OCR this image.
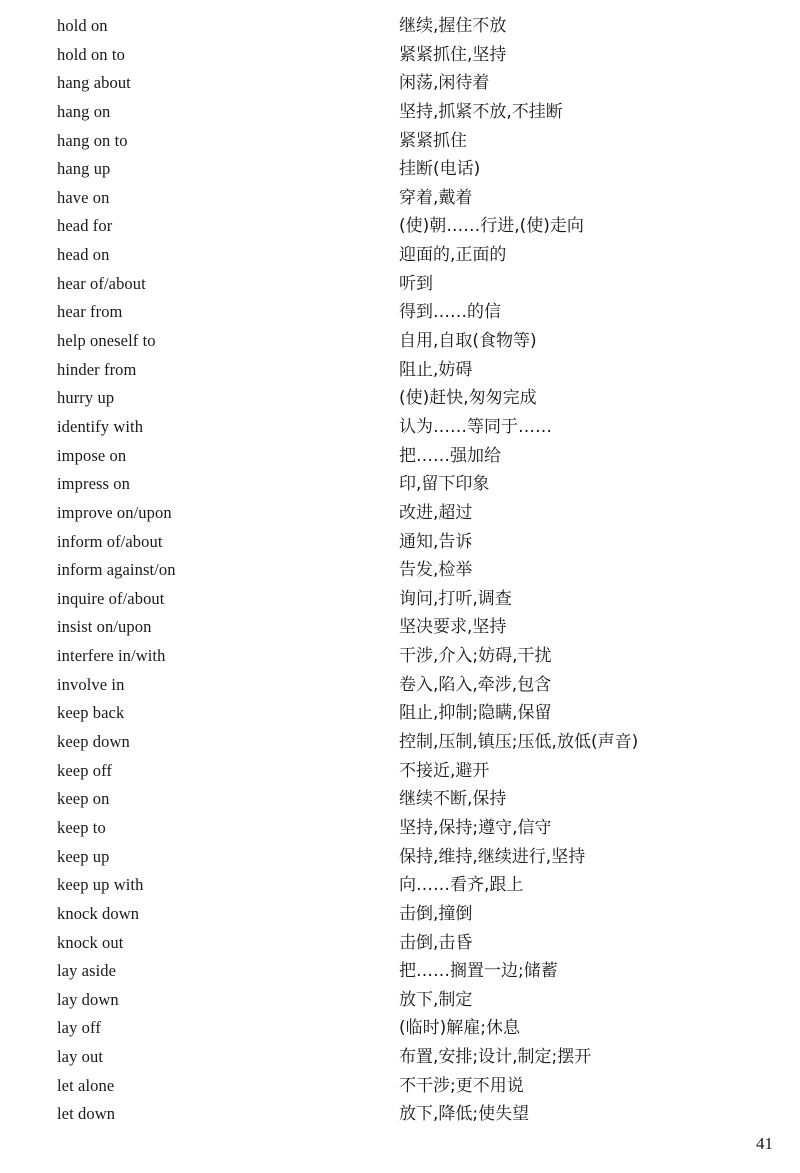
hold on	继续,握住不放
hold on to	紧紧抓住,坚持
hang about	闲荡,闲待着
hang on	坚持,抓紧不放,不挂断
hang on to	紧紧抓住
hang up	挂断(电话)
have on	穿着,戴着
head for	(使)朝……行进,(使)走向
head on	迎面的,正面的
hear of/about	听到
hear from	得到……的信
help oneself to	自用,自取(食物等)
hinder from	阻止,妨碍
hurry up	(使)赶快,匆匆完成
identify with	认为……等同于……
impose on	把……强加给
impress on	印,留下印象
improve on/upon	改进,超过
inform of/about	通知,告诉
inform against/on	告发,检举
inquire of/about	询问,打听,调查
insist on/upon	坚决要求,坚持
interfere in/with	干涉,介入;妨碍,干扰
involve in	卷入,陷入,牵涉,包含
keep back	阻止,抑制;隐瞒,保留
keep down	控制,压制,镇压;压低,放低(声音)
keep off	不接近,避开
keep on	继续不断,保持
keep to	坚持,保持;遵守,信守
keep up	保持,维持,继续进行,坚持
keep up with	向……看齐,跟上
knock down	击倒,撞倒
knock out	击倒,击昏
lay aside	把……搁置一边;储蓄
lay down	放下,制定
lay off	(临时)解雇;休息
lay out	布置,安排;设计,制定;摆开
let alone	不干涉;更不用说
let down	放下,降低;使失望
41
